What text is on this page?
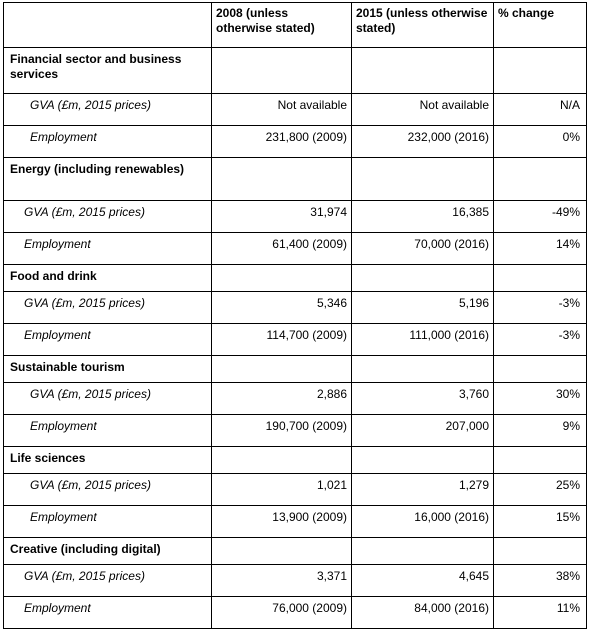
	2008 (unless otherwise stated)	2015 (unless otherwise stated)	% change
Financial sector and business services			
GVA (£m, 2015 prices)	Not available	Not available	N/A
Employment	231,800 (2009)	232,000 (2016)	0%
Energy (including renewables)			
GVA (£m, 2015 prices)	31,974	16,385	-49%
Employment	61,400 (2009)	70,000 (2016)	14%
Food and drink			
GVA (£m, 2015 prices)	5,346	5,196	-3%
Employment	114,700 (2009)	111,000 (2016)	-3%
Sustainable tourism			
GVA (£m, 2015 prices)	2,886	3,760	30%
Employment	190,700 (2009)	207,000	9%
Life sciences			
GVA (£m, 2015 prices)	1,021	1,279	25%
Employment	13,900 (2009)	16,000 (2016)	15%
Creative (including digital)			
GVA (£m, 2015 prices)	3,371	4,645	38%
Employment	76,000 (2009)	84,000 (2016)	11%
